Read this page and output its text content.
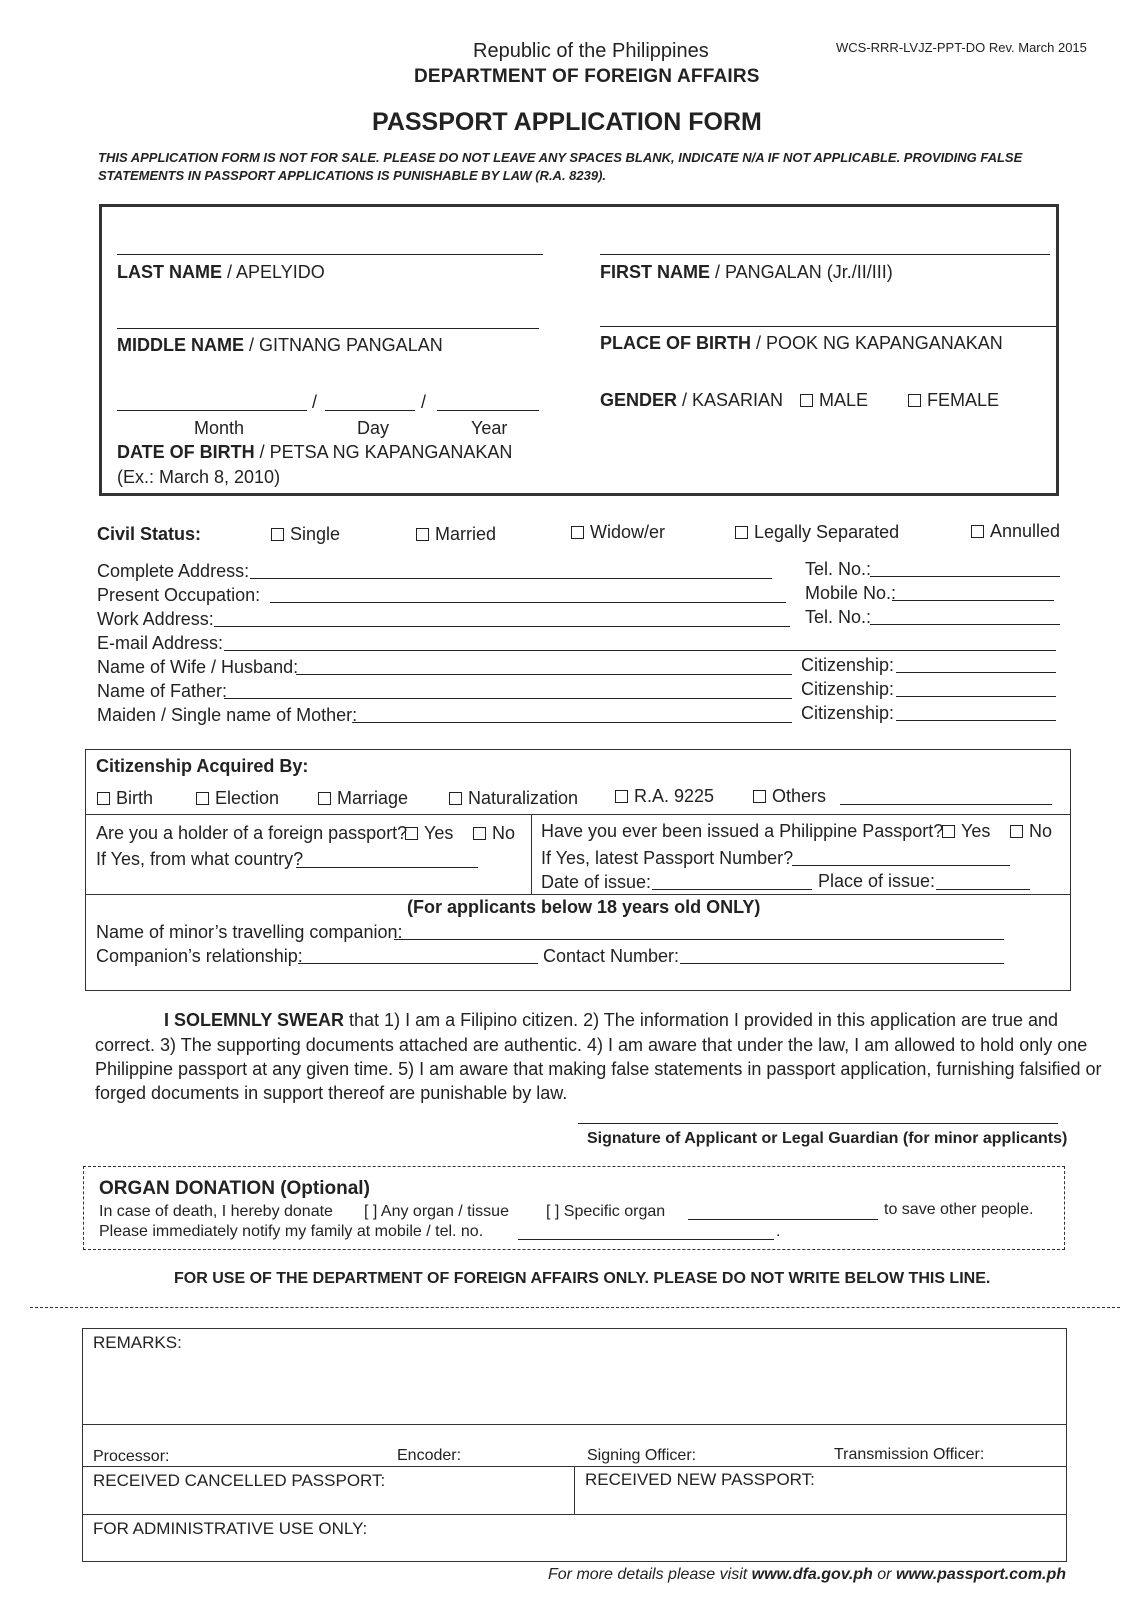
Republic of the Philippines
DEPARTMENT OF FOREIGN AFFAIRS
WCS-RRR-LVJZ-PPT-DO Rev. March 2015
PASSPORT APPLICATION FORM
THIS APPLICATION FORM IS NOT FOR SALE. PLEASE DO NOT LEAVE ANY SPACES BLANK, INDICATE N/A IF NOT APPLICABLE. PROVIDING FALSE
STATEMENTS IN PASSPORT APPLICATIONS IS PUNISHABLE BY LAW (R.A. 8239).
LAST NAME / APELYIDO	FIRST NAME / PANGALAN (Jr./II/III)
MIDDLE NAME / GITNANG PANGALAN	PLACE OF BIRTH / POOK NG KAPANGANAKAN
/	/
Month	Day	Year
DATE OF BIRTH / PETSA NG KAPANGANAKAN
(Ex.: March 8, 2010)
GENDER / KASARIAN	MALE	FEMALE
Civil Status:	Single	Married	Widow/er	Legally Separated	Annulled
Complete Address:	Tel. No.:
Present Occupation:	Mobile No.:
Work Address:	Tel. No.:
E-mail Address:
Name of Wife / Husband:	Citizenship:
Name of Father:	Citizenship:
Maiden / Single name of Mother:	Citizenship:
Citizenship Acquired By:
Birth	Election	Marriage	Naturalization	R.A. 9225	Others
Are you a holder of a foreign passport? Yes	No
If Yes, from what country?
Have you ever been issued a Philippine Passport? Yes	No
If Yes, latest Passport Number?
Date of issue:	Place of issue:
(For applicants below 18 years old ONLY)
Name of minor’s travelling companion:
Companion’s relationship:	Contact Number:
I SOLEMNLY SWEAR that 1) I am a Filipino citizen. 2) The information I provided in this application are true and
correct. 3) The supporting documents attached are authentic. 4) I am aware that under the law, I am allowed to hold only one
Philippine passport at any given time. 5) I am aware that making false statements in passport application, furnishing falsified or
forged documents in support thereof are punishable by law.
Signature of Applicant or Legal Guardian (for minor applicants)
ORGAN DONATION (Optional)
In case of death, I hereby donate [ ] Any organ / tissue [ ] Specific organ	to save other people.
Please immediately notify my family at mobile / tel. no.	.
FOR USE OF THE DEPARTMENT OF FOREIGN AFFAIRS ONLY. PLEASE DO NOT WRITE BELOW THIS LINE.
REMARKS:
Processor:	Encoder:	Signing Officer:	Transmission Officer:
RECEIVED CANCELLED PASSPORT:	RECEIVED NEW PASSPORT:
FOR ADMINISTRATIVE USE ONLY:
For more details please visit www.dfa.gov.ph or www.passport.com.ph
